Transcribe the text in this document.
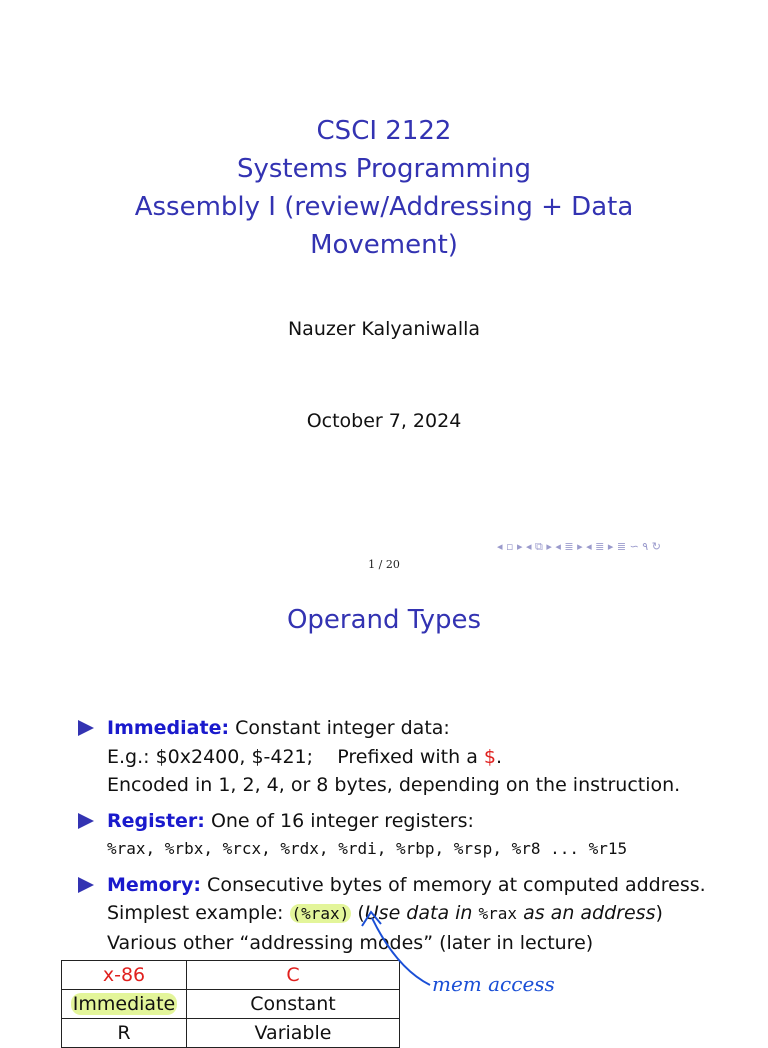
CSCI 2122
Systems Programming
Assembly I (review/Addressing + Data
Movement)
Nauzer Kalyaniwalla
October 7, 2024
◂ ▫ ▸ ◂ ⧉ ▸ ◂ ≣ ▸ ◂ ≣ ▸ ≣ ∽ ۹ ↻
1 / 20
Operand Types
Immediate: Constant integer data:
E.g.: $0x2400, $-421; Prefixed with a $.
Encoded in 1, 2, 4, or 8 bytes, depending on the instruction.
Register: One of 16 integer registers:
%rax, %rbx, %rcx, %rdx, %rdi, %rbp, %rsp, %r8 ... %r15
Memory: Consecutive bytes of memory at computed address.
Simplest example: (%rax) (Use data in %rax as an address)
Various other “addressing modes” (later in lecture)
x-86	C
Immediate	Constant
R	Variable
mem access
